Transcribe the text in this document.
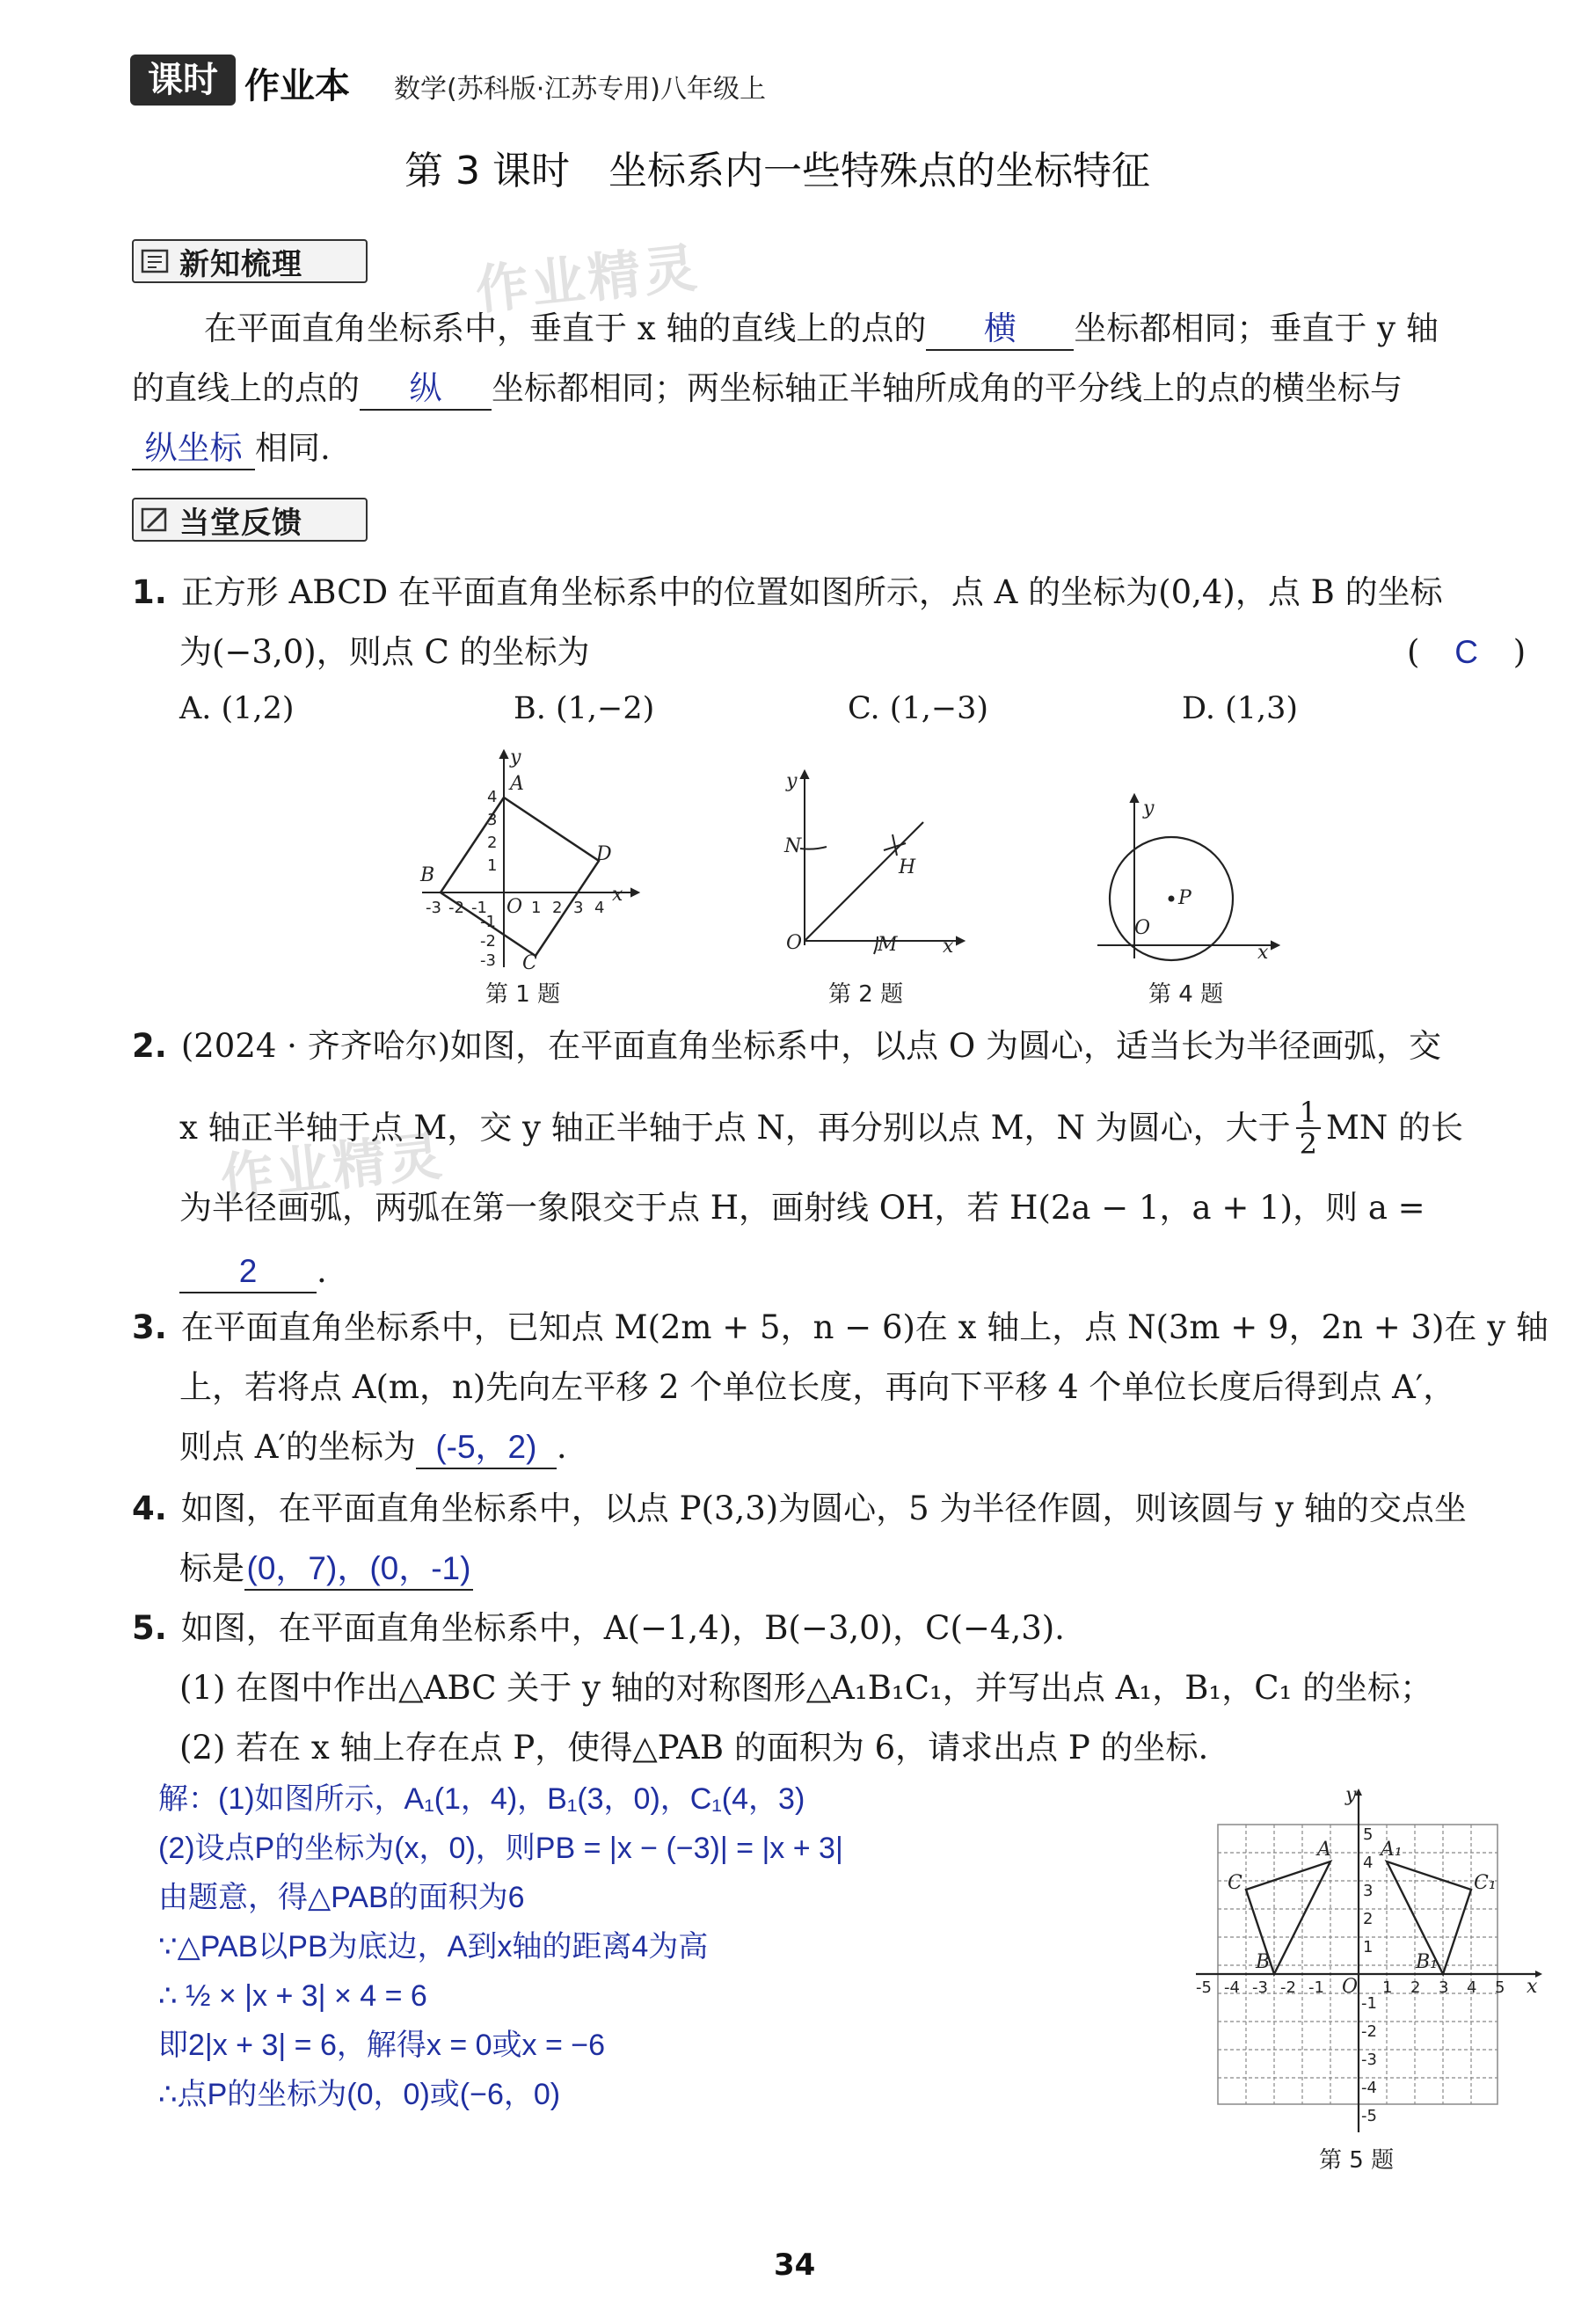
课时 作业本 数学(苏科版·江苏专用)八年级上
第 3 课时　坐标系内一些特殊点的坐标特征
新知梳理	作业精灵
在平面直角坐标系中，垂直于 x 轴的直线上的点的 横 坐标都相同；垂直于 y 轴
的直线上的点的 纵 坐标都相同；两坐标轴正半轴所成角的平分线上的点的横坐标与
纵坐标 相同.
当堂反馈
1. 正方形 ABCD 在平面直角坐标系中的位置如图所示，点 A 的坐标为(0,4)，点 B 的坐标
为(−3,0)，则点 C 的坐标为	( C )
A. (1,2)	B. (1,−2)	C. (1,−3)	D. (1,3)
A
B
C
D
O
x
y
-3 -2 -1	1 2 3 4
4
3
2
1
-1
-2
-3
第 1 题
N
H
O	M x
y
第 2 题
P
O
x
y
第 4 题
2. (2024 · 齐齐哈尔)如图，在平面直角坐标系中，以点 O 为圆心，适当长为半径画弧，交
x 轴正半轴于点 M，交 y 轴正半轴于点 N，再分别以点 M，N 为圆心，大于 1
2 MN 的长
为半径画弧，两弧在第一象限交于点 H，画射线 OH，若 H(2a − 1，a + 1)，则 a =
2 .
作业精灵
3. 在平面直角坐标系中，已知点 M(2m + 5，n − 6)在 x 轴上，点 N(3m + 9，2n + 3)在 y 轴
上，若将点 A(m，n)先向左平移 2 个单位长度，再向下平移 4 个单位长度后得到点 A′，
则点 A′的坐标为 (-5，2) .
4. 如图，在平面直角坐标系中，以点 P(3,3)为圆心，5 为半径作圆，则该圆与 y 轴的交点坐
标是(0，7)，(0，-1)
5. 如图，在平面直角坐标系中，A(−1,4)，B(−3,0)，C(−4,3).
(1) 在图中作出△ABC 关于 y 轴的对称图形△A₁B₁C₁，并写出点 A₁，B₁，C₁ 的坐标；
(2) 若在 x 轴上存在点 P，使得△PAB 的面积为 6，请求出点 P 的坐标.
解：(1)如图所示，A₁(1，4)，B₁(3，0)，C₁(4，3)
(2)设点P的坐标为(x，0)，则PB = |x − (−3)| = |x + 3|
由题意，得△PAB的面积为6
∵△PAB以PB为底边，A到x轴的距离4为高
∴ ½ × |x + 3| × 4 = 6
即2|x + 3| = 6，解得x = 0或x = −6
∴点P的坐标为(0，0)或(−6，0)
A
B
C
A₁
B₁
C₁
O	x
y
-5 -4 -3 -2 -1	1 2 3 4 5
5
4
3
2
1
-1
-2
-3
-4
-5
第 5 题
34
